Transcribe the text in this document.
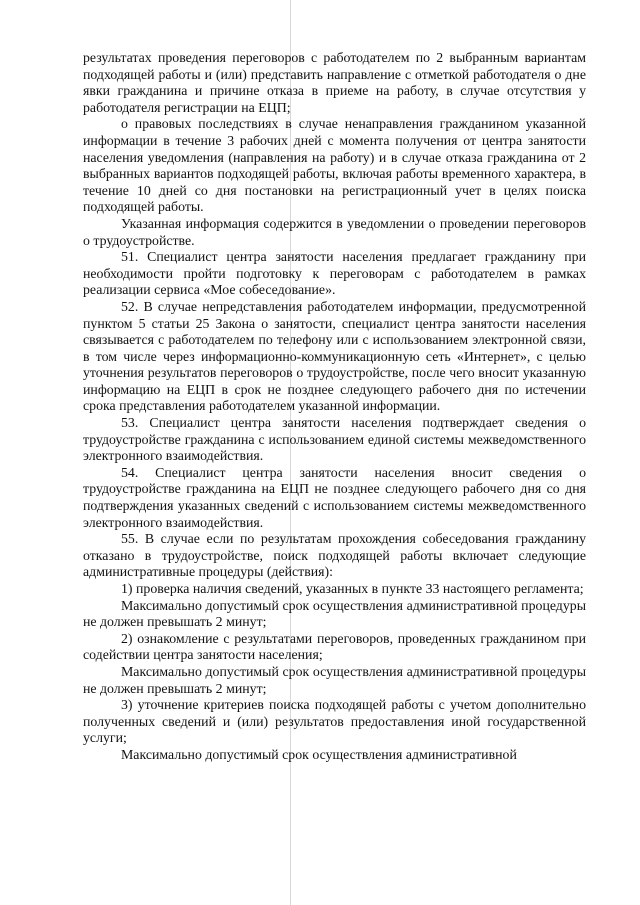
результатах проведения переговоров с работодателем по 2 выбранным вариантам подходящей работы и (или) представить направление с отметкой работодателя о дне явки гражданина и причине отказа в приеме на работу, в случае отсутствия у работодателя регистрации на ЕЦП;

о правовых последствиях в случае ненаправления гражданином указанной информации в течение 3 рабочих дней с момента получения от центра занятости населения уведомления (направления на работу) и в случае отказа гражданина от 2 выбранных вариантов подходящей работы, включая работы временного характера, в течение 10 дней со дня постановки на регистрационный учет в целях поиска подходящей работы.

Указанная информация содержится в уведомлении о проведении переговоров о трудоустройстве.

51. Специалист центра занятости населения предлагает гражданину при необходимости пройти подготовку к переговорам с работодателем в рамках реализации сервиса «Мое собеседование».

52. В случае непредставления работодателем информации, предусмотренной пунктом 5 статьи 25 Закона о занятости, специалист центра занятости населения связывается с работодателем по телефону или с использованием электронной связи, в том числе через информационно-коммуникационную сеть «Интернет», с целью уточнения результатов переговоров о трудоустройстве, после чего вносит указанную информацию на ЕЦП в срок не позднее следующего рабочего дня по истечении срока представления работодателем указанной информации.

53. Специалист центра занятости населения подтверждает сведения о трудоустройстве гражданина с использованием единой системы межведомственного электронного взаимодействия.

54. Специалист центра занятости населения вносит сведения о трудоустройстве гражданина на ЕЦП не позднее следующего рабочего дня со дня подтверждения указанных сведений с использованием системы межведомственного электронного взаимодействия.

55. В случае если по результатам прохождения собеседования гражданину отказано в трудоустройстве, поиск подходящей работы включает следующие административные процедуры (действия):

1) проверка наличия сведений, указанных в пункте 33 настоящего регламента;

Максимально допустимый срок осуществления административной процедуры не должен превышать 2 минут;

2) ознакомление с результатами переговоров, проведенных гражданином при содействии центра занятости населения;

Максимально допустимый срок осуществления административной процедуры не должен превышать 2 минут;

3) уточнение критериев поиска подходящей работы с учетом дополнительно полученных сведений и (или) результатов предоставления иной государственной услуги;

Максимально допустимый срок осуществления административной
